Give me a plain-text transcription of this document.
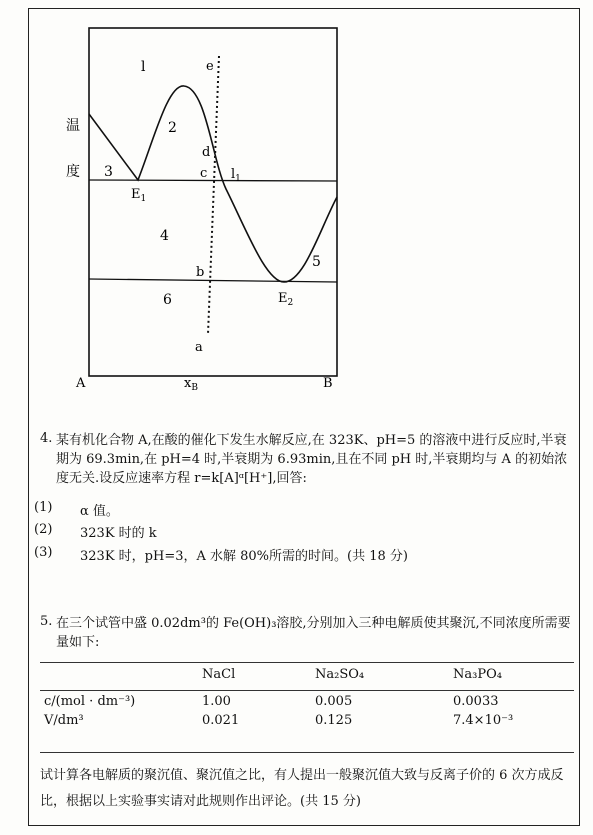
l
2
3
4
5
6
e
d
c $l_1$
$E_1$
b
$E_2$
a
温
度
A	$x_B$	B
4. 某有机化合物 A,在酸的催化下发生水解反应,在 323K、pH=5 的溶液中进行反应时,半衰期为 69.3min,在 pH=4 时,半衰期为 6.93min,且在不同 pH 时,半衰期均与 A 的初始浓度无关.设反应速率方程 r=k[A]ᵅ[H⁺],回答:
(1) α 值。
(2) 323K 时的 k
(3) 323K 时，pH=3，A 水解 80%所需的时间。(共 18 分)
5. 在三个试管中盛 0.02dm³的 Fe(OH)₃溶胶,分别加入三种电解质使其聚沉,不同浓度所需要量如下:
	NaCl	Na₂SO₄	Na₃PO₄
c/(mol · dm⁻³)	1.00	0.005	0.0033
V/dm³	0.021	0.125	7.4×10⁻³
试计算各电解质的聚沉值、聚沉值之比，有人提出一般聚沉值大致与反离子价的 6 次方成反比，根据以上实验事实请对此规则作出评论。(共 15 分)
